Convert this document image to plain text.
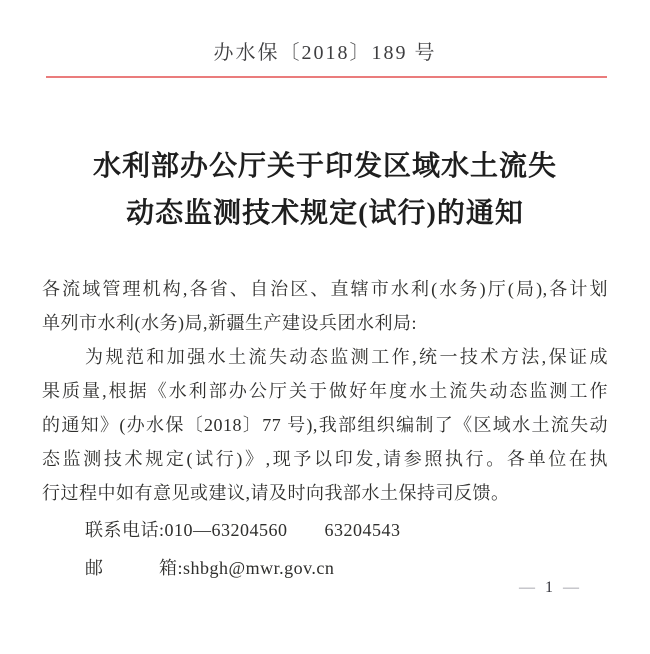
办水保〔2018〕189 号
水利部办公厅关于印发区域水土流失
动态监测技术规定(试行)的通知
各流域管理机构,各省、自治区、直辖市水利(水务)厅(局),各计划
单列市水利(水务)局,新疆生产建设兵团水利局:
为规范和加强水土流失动态监测工作,统一技术方法,保证成
果质量,根据《水利部办公厅关于做好年度水土流失动态监测工作
的通知》(办水保〔2018〕77 号),我部组织编制了《区域水土流失动
态监测技术规定(试行)》,现予以印发,请参照执行。各单位在执
行过程中如有意见或建议,请及时向我部水土保持司反馈。
联系电话:010—63204560　　63204543
邮　　　箱:shbgh@mwr.gov.cn
— 1 —
